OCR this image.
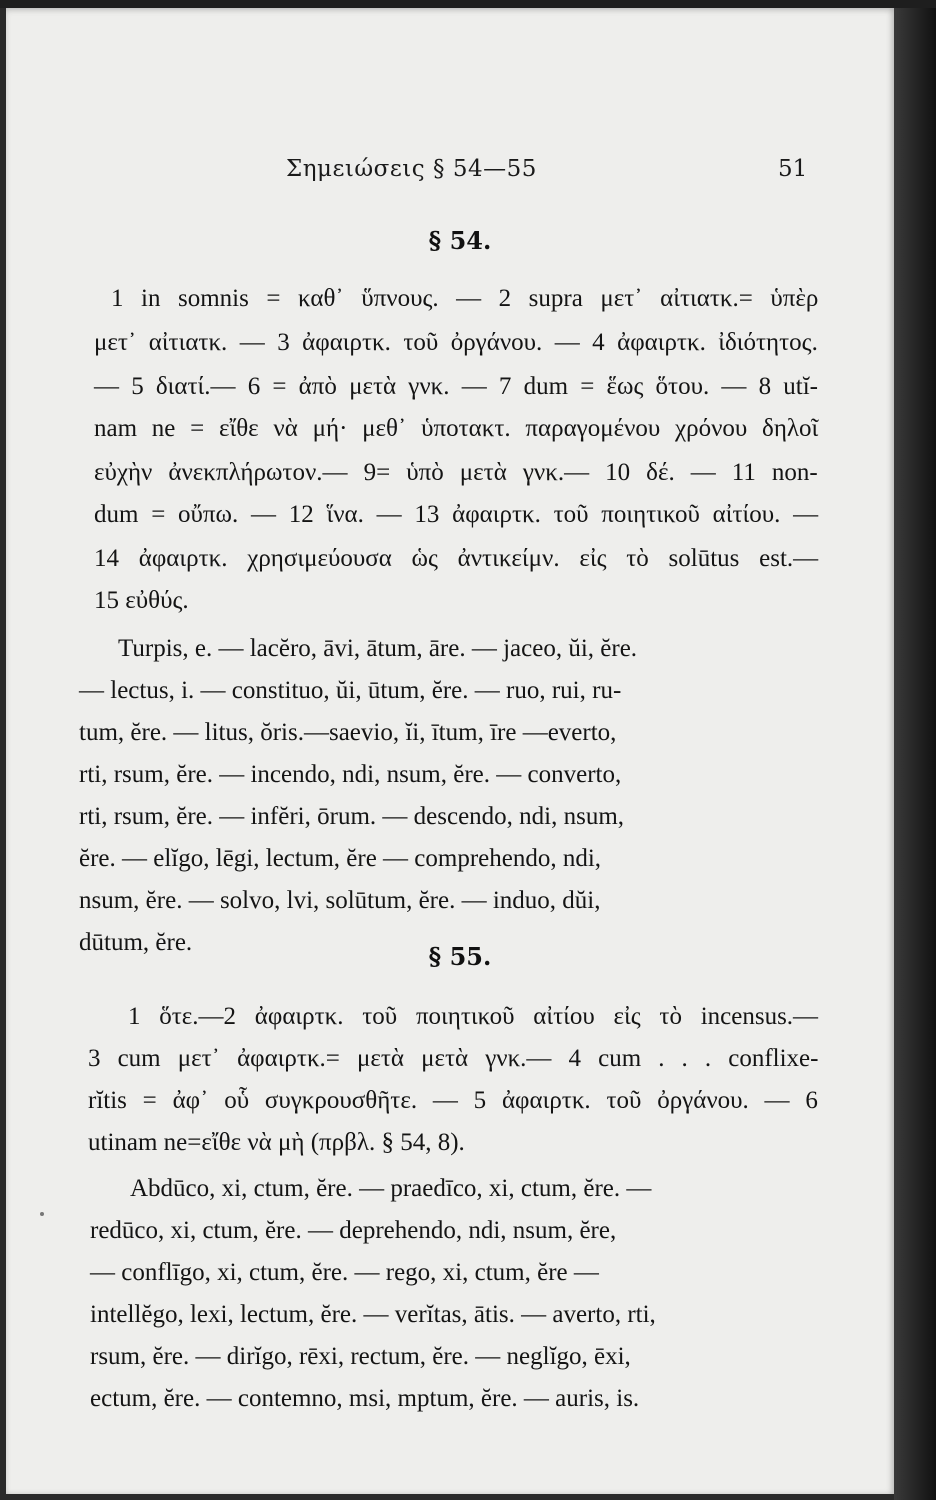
Σημειώσεις § 54—55	51
§ 54.
1 in somnis = καθ᾽ ὕπνους. — 2 supra μετ᾽ αἰτιατκ.= ὑπὲρ
μετ᾽ αἰτιατκ. — 3 ἀφαιρτκ. τοῦ ὀργάνου. — 4 ἀφαιρτκ. ἰδιότητος.
— 5 διατί.— 6 = ἀπὸ μετὰ γνκ. — 7 dum = ἕως ὅτου. — 8 utĭ-
nam ne = εἴθε νὰ μή· μεθ᾽ ὑποτακτ. παραγομένου χρόνου δηλοῖ
εὐχὴν ἀνεκπλήρωτον.— 9= ὑπὸ μετὰ γνκ.— 10 δέ. — 11 non-
dum = οὔπω. — 12 ἵνα. — 13 ἀφαιρτκ. τοῦ ποιητικοῦ αἰτίου. —
14 ἀφαιρτκ. χρησιμεύουσα ὡς ἀντικείμν. εἰς τὸ solūtus est.—
15 εὐθύς.
Turpis, e. — lacĕro, āvi, ātum, āre. — jaceo, ŭi, ĕre.
— lectus, i. — constituo, ŭi, ūtum, ĕre. — ruo, rui, ru-
tum, ĕre. — litus, ŏris.—saevio, ĭi, ītum, īre —everto,
rti, rsum, ĕre. — incendo, ndi, nsum, ĕre. — converto,
rti, rsum, ĕre. — infĕri, ōrum. — descendo, ndi, nsum,
ĕre. — elĭgo, lēgi, lectum, ĕre — comprehendo, ndi,
nsum, ĕre. — solvo, lvi, solūtum, ĕre. — induo, dŭi,
dūtum, ĕre.	§ 55.
1 ὅτε.—2 ἀφαιρτκ. τοῦ ποιητικοῦ αἰτίου εἰς τὸ incensus.—
3 cum μετ᾽ ἀφαιρτκ.= μετὰ μετὰ γνκ.— 4 cum . . . conflixe-
rĭtis = ἀφ᾽ οὗ συγκρουσθῆτε. — 5 ἀφαιρτκ. τοῦ ὀργάνου. — 6
utinam ne=εἴθε νὰ μὴ (πρβλ. § 54, 8).
Abdūco, xi, ctum, ĕre. — praedīco, xi, ctum, ĕre. —
redūco, xi, ctum, ĕre. — deprehendo, ndi, nsum, ĕre,
— conflīgo, xi, ctum, ĕre. — rego, xi, ctum, ĕre —
intellĕgo, lexi, lectum, ĕre. — verĭtas, ātis. — averto, rti,
rsum, ĕre. — dirĭgo, rēxi, rectum, ĕre. — neglĭgo, ēxi,
ectum, ĕre. — contemno, msi, mptum, ĕre. — auris, is.
